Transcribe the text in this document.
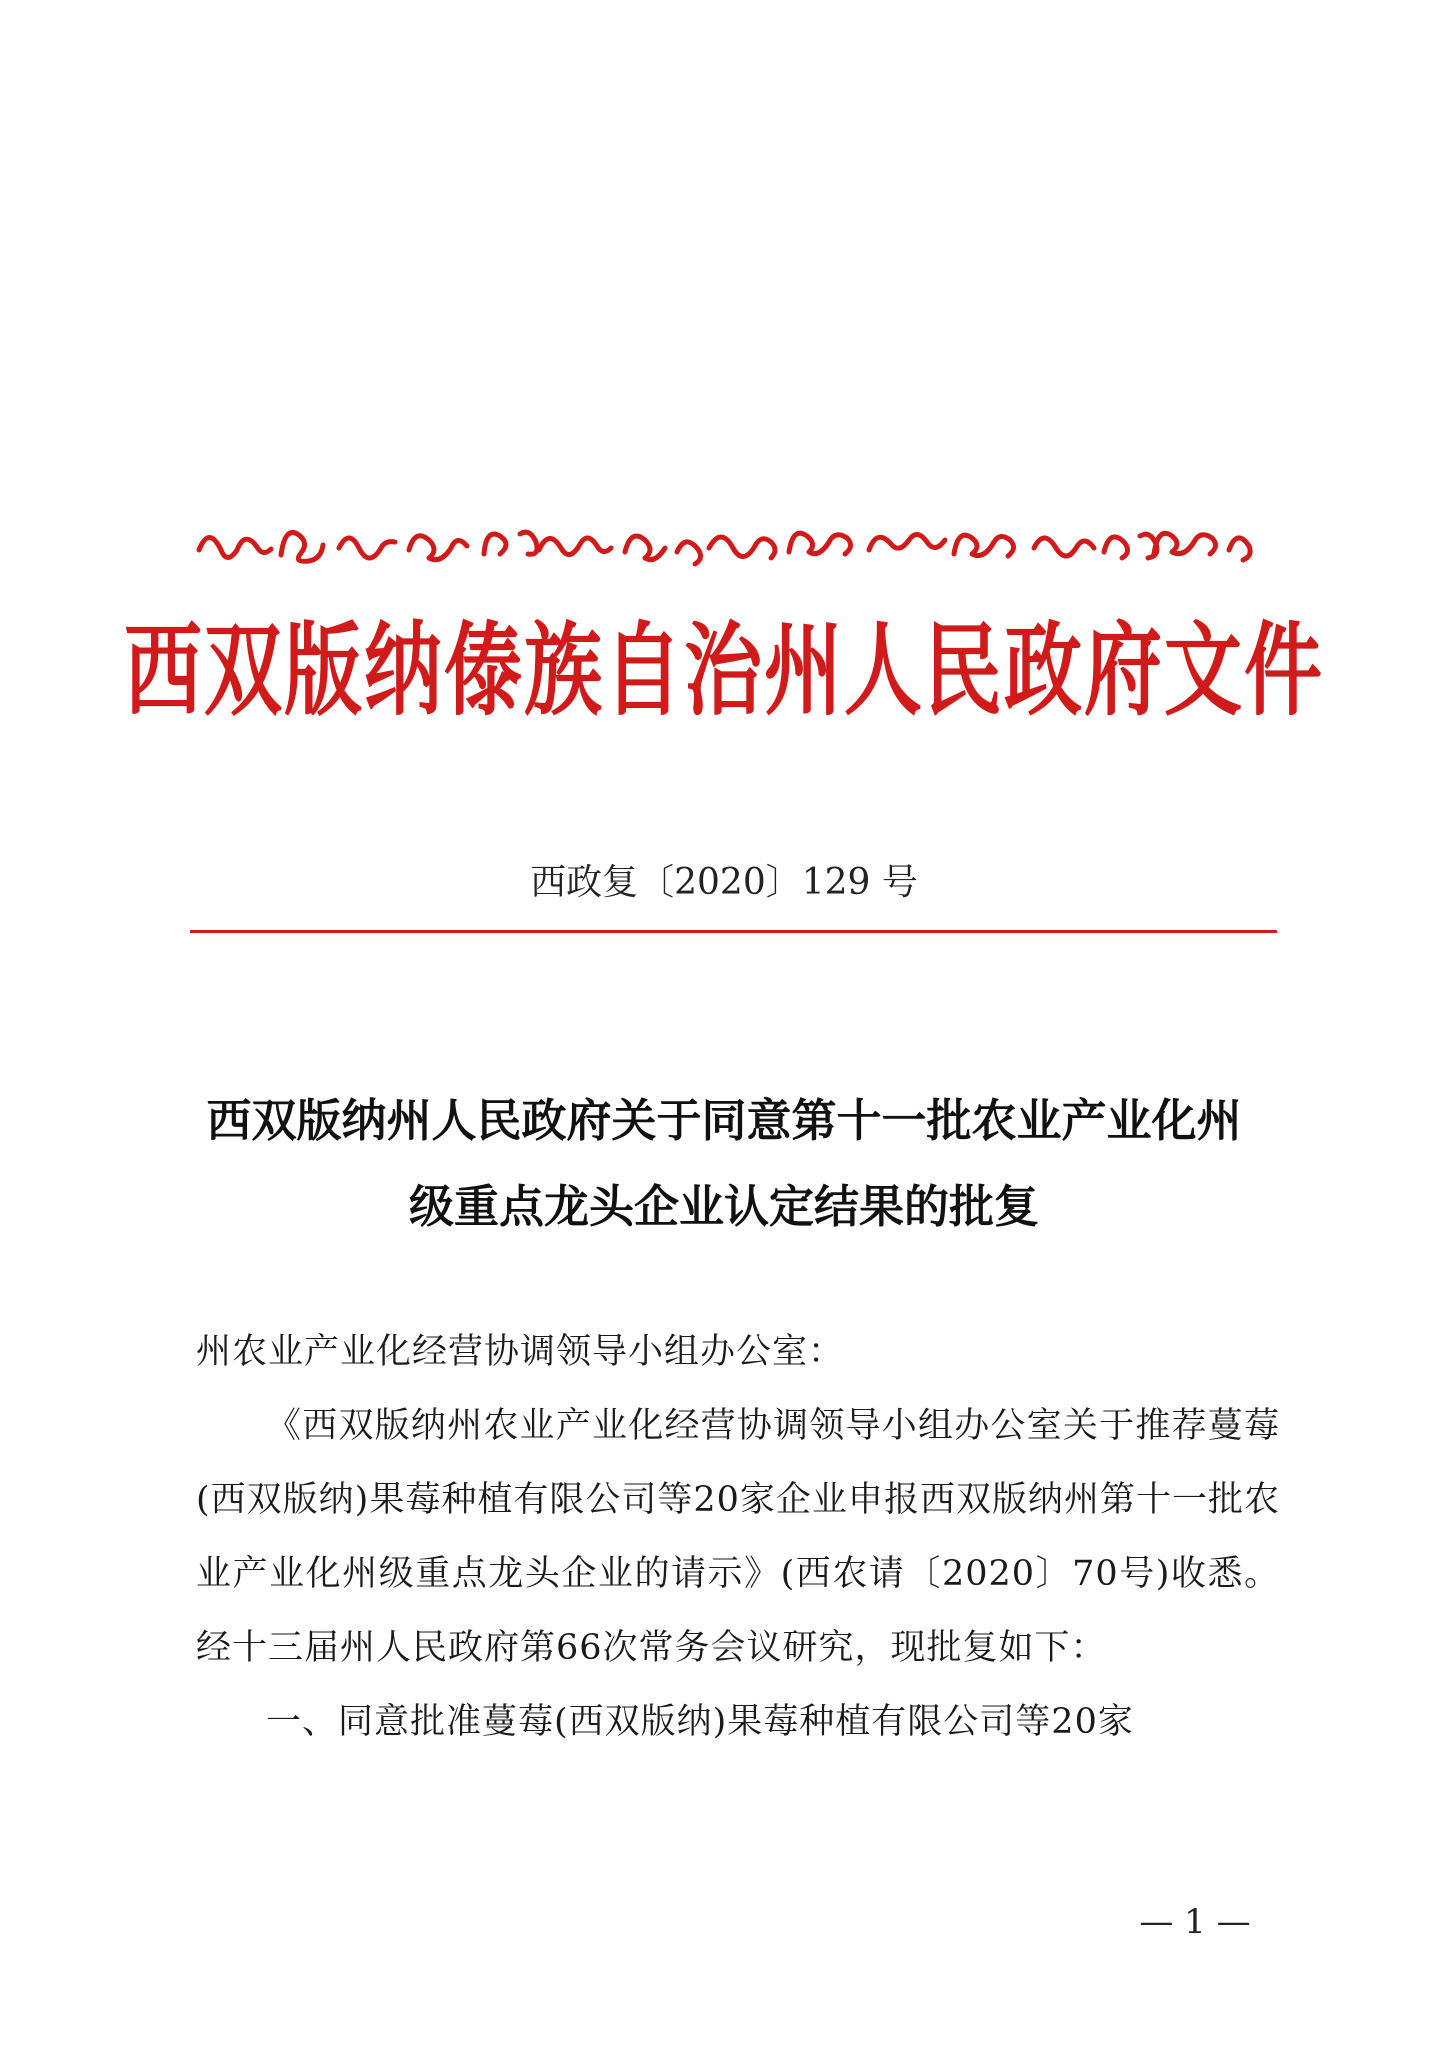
西双版纳傣族自治州人民政府文件
西政复〔2020〕129 号
西双版纳州人民政府关于同意第十一批农业产业化州级重点龙头企业认定结果的批复

州农业产业化经营协调领导小组办公室：

《西双版纳州农业产业化经营协调领导小组办公室关于推荐蔓莓(西双版纳)果莓种植有限公司等20家企业申报西双版纳州第十一批农业产业化州级重点龙头企业的请示》(西农请〔2020〕70号)收悉。经十三届州人民政府第66次常务会议研究，现批复如下：

一、同意批准蔓莓(西双版纳)果莓种植有限公司等20家

— 1 —
